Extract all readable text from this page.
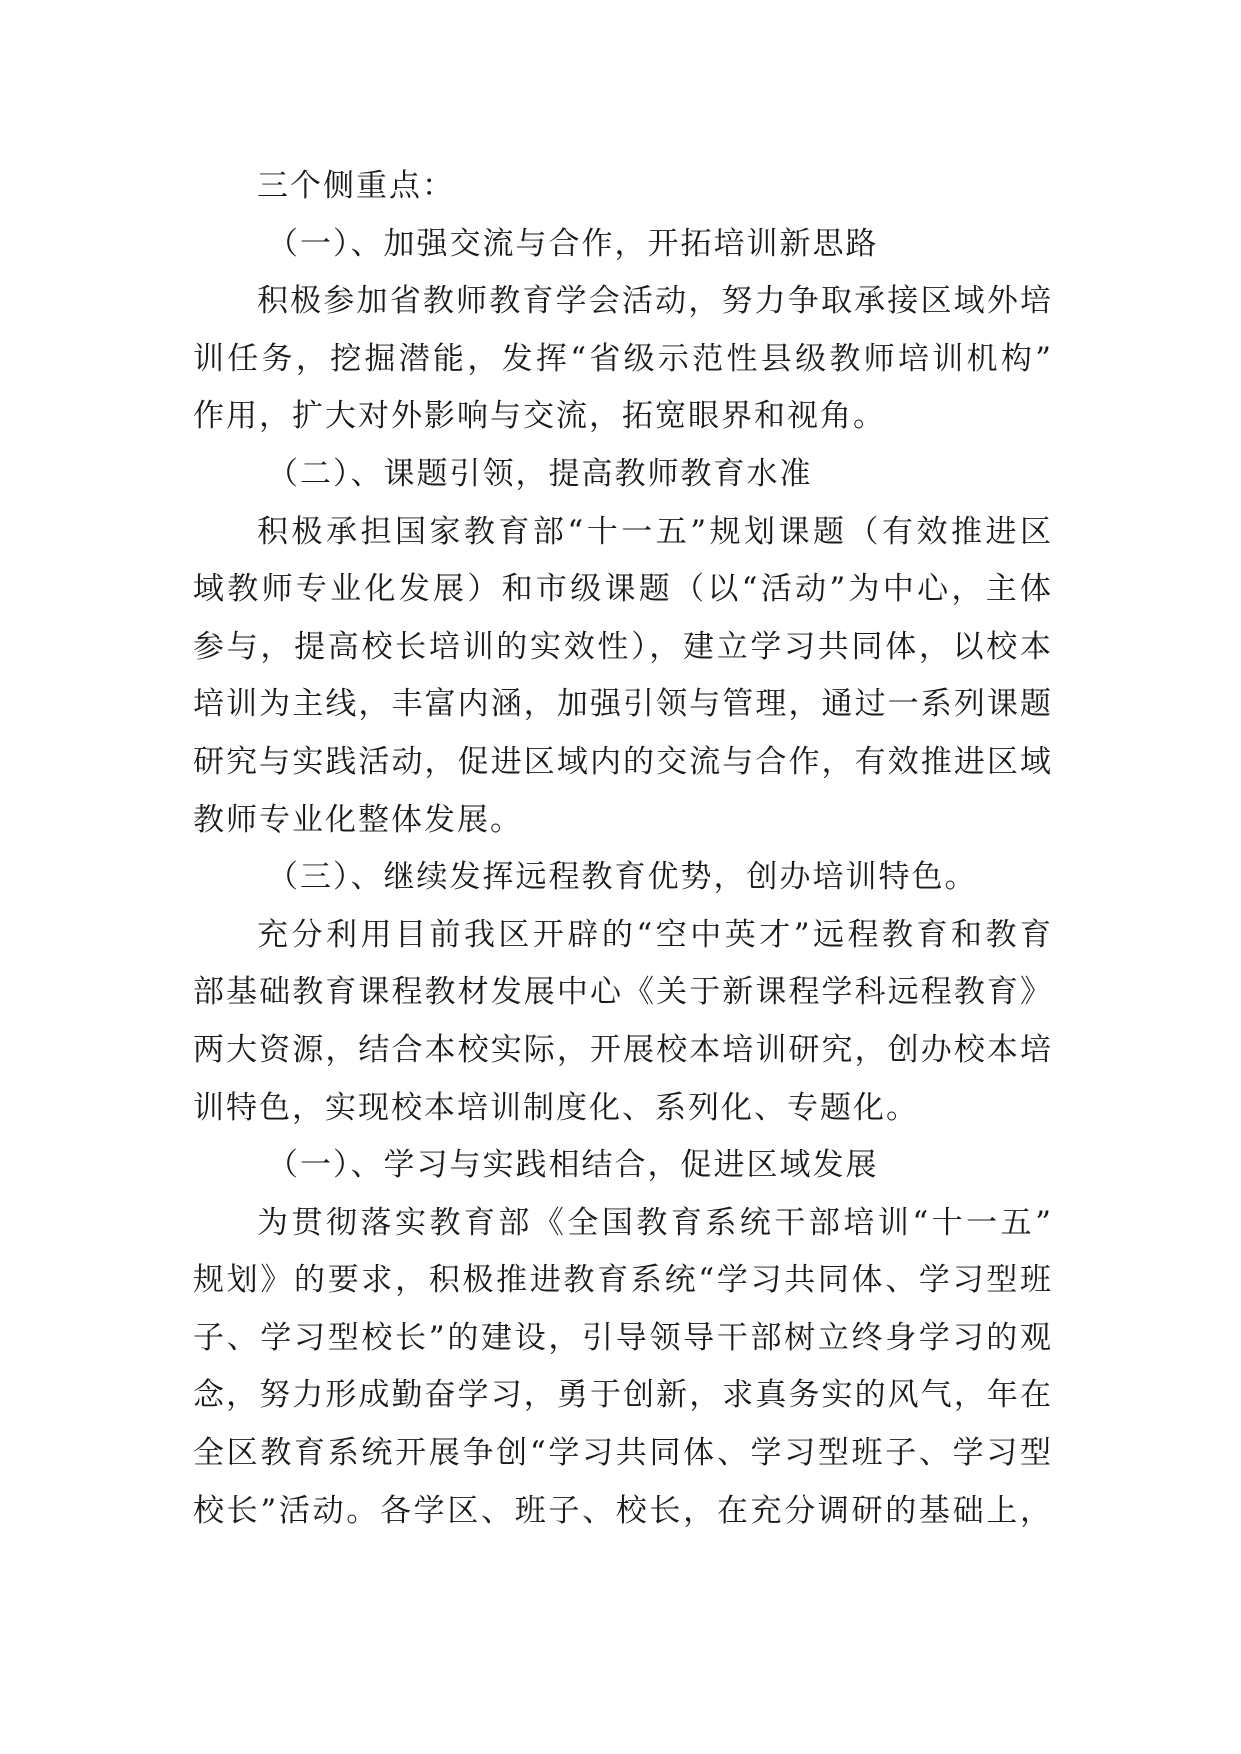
三个侧重点：
（一）、加强交流与合作，开拓培训新思路
积极参加省教师教育学会活动，努力争取承接区域外培
训任务，挖掘潜能，发挥“省级示范性县级教师培训机构”
作用，扩大对外影响与交流，拓宽眼界和视角。
（二）、课题引领，提高教师教育水准
积极承担国家教育部“十一五”规划课题（有效推进区
域教师专业化发展）和市级课题（以“活动”为中心，主体
参与，提高校长培训的实效性），建立学习共同体，以校本
培训为主线，丰富内涵，加强引领与管理，通过一系列课题
研究与实践活动，促进区域内的交流与合作，有效推进区域
教师专业化整体发展。
（三）、继续发挥远程教育优势，创办培训特色。
充分利用目前我区开辟的“空中英才”远程教育和教育
部基础教育课程教材发展中心《关于新课程学科远程教育》
两大资源，结合本校实际，开展校本培训研究，创办校本培
训特色，实现校本培训制度化、系列化、专题化。
（一）、学习与实践相结合，促进区域发展
为贯彻落实教育部《全国教育系统干部培训“十一五”
规划》的要求，积极推进教育系统“学习共同体、学习型班
子、学习型校长”的建设，引导领导干部树立终身学习的观
念，努力形成勤奋学习，勇于创新，求真务实的风气，年在
全区教育系统开展争创“学习共同体、学习型班子、学习型
校长”活动。各学区、班子、校长，在充分调研的基础上，
